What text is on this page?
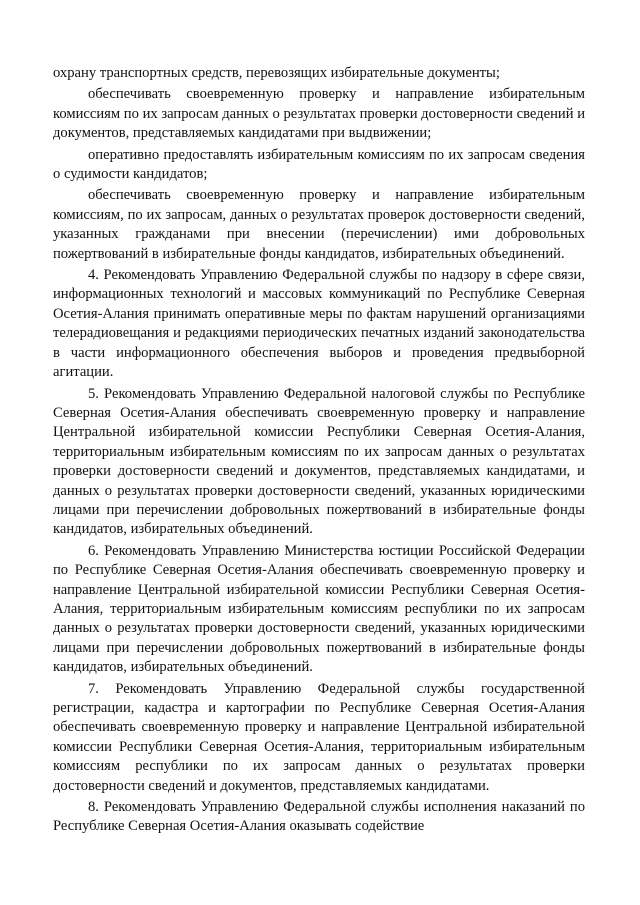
охрану транспортных средств, перевозящих избирательные документы;

обеспечивать своевременную проверку и направление избирательным комиссиям по их запросам данных о результатах проверки достоверности сведений и документов, представляемых кандидатами при выдвижении;

оперативно предоставлять избирательным комиссиям по их запросам сведения о судимости кандидатов;

обеспечивать своевременную проверку и направление избирательным комиссиям, по их запросам, данных о результатах проверок достоверности сведений, указанных гражданами при внесении (перечислении) ими добровольных пожертвований в избирательные фонды кандидатов, избирательных объединений.

4. Рекомендовать Управлению Федеральной службы по надзору в сфере связи, информационных технологий и массовых коммуникаций по Республике Северная Осетия-Алания принимать оперативные меры по фактам нарушений организациями телерадиовещания и редакциями периодических печатных изданий законодательства в части информационного обеспечения выборов и проведения предвыборной агитации.

5. Рекомендовать Управлению Федеральной налоговой службы по Республике Северная Осетия-Алания обеспечивать своевременную проверку и направление Центральной избирательной комиссии Республики Северная Осетия-Алания, территориальным избирательным комиссиям по их запросам данных о результатах проверки достоверности сведений и документов, представляемых кандидатами, и данных о результатах проверки достоверности сведений, указанных юридическими лицами при перечислении добровольных пожертвований в избирательные фонды кандидатов, избирательных объединений.

6. Рекомендовать Управлению Министерства юстиции Российской Федерации по Республике Северная Осетия-Алания обеспечивать своевременную проверку и направление Центральной избирательной комиссии Республики Северная Осетия-Алания, территориальным избирательным комиссиям республики по их запросам данных о результатах проверки достоверности сведений, указанных юридическими лицами при перечислении добровольных пожертвований в избирательные фонды кандидатов, избирательных объединений.

7. Рекомендовать Управлению Федеральной службы государственной регистрации, кадастра и картографии по Республике Северная Осетия-Алания обеспечивать своевременную проверку и направление Центральной избирательной комиссии Республики Северная Осетия-Алания, территориальным избирательным комиссиям республики по их запросам данных о результатах проверки достоверности сведений и документов, представляемых кандидатами.

8. Рекомендовать Управлению Федеральной службы исполнения наказаний по Республике Северная Осетия-Алания оказывать содействие
